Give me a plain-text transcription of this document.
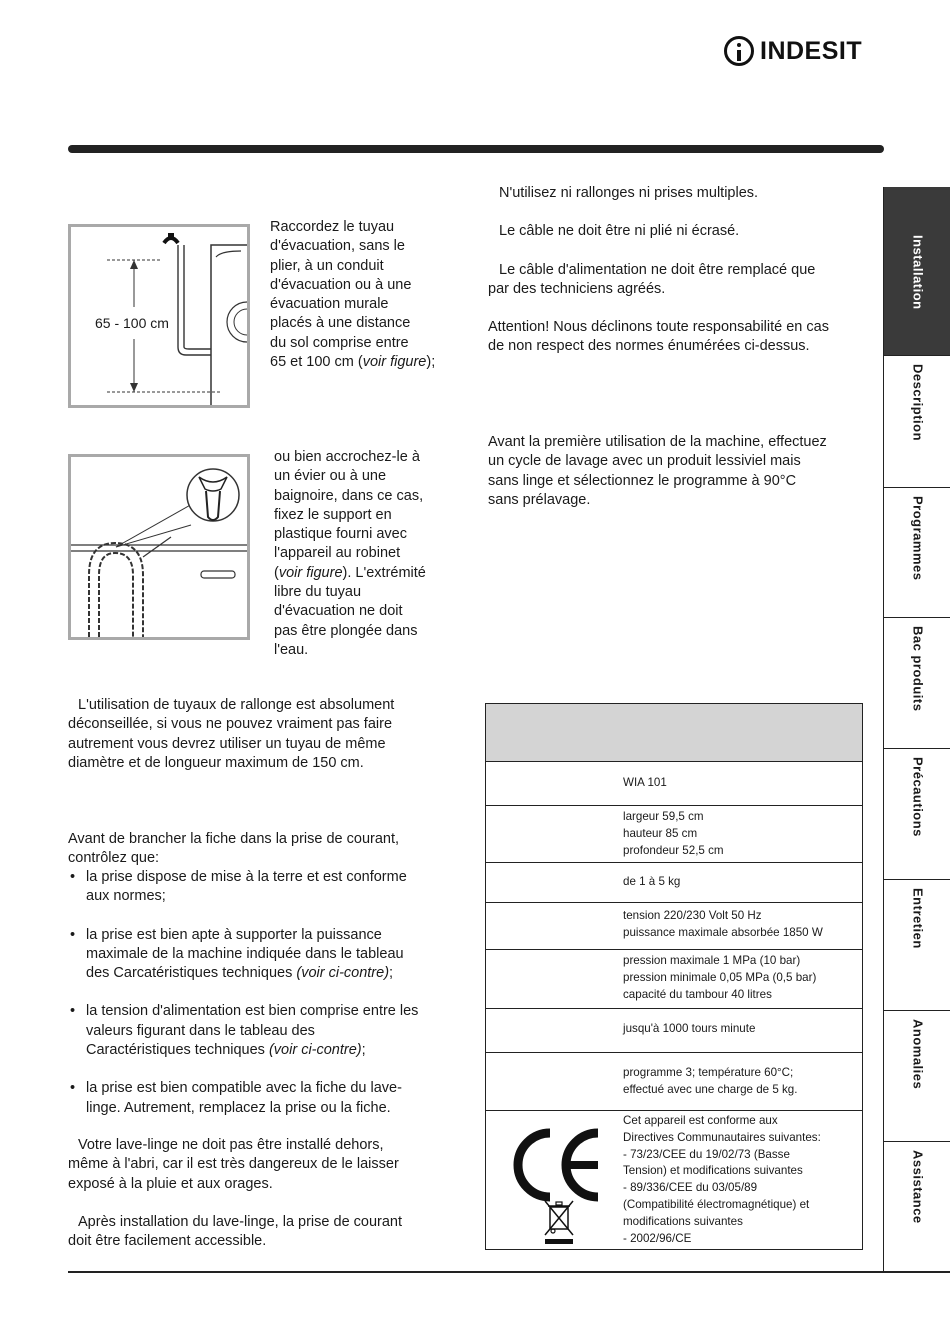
INDESIT
65 - 100 cm
Raccordez le tuyau
d'évacuation, sans le
plier, à un conduit
d'évacuation ou à une
évacuation murale
placés à une distance
du sol comprise entre
65 et 100 cm (voir figure);
ou bien accrochez-le à
un évier ou à une
baignoire, dans ce cas,
fixez le support en
plastique fourni avec
l'appareil au robinet
(voir figure). L'extrémité
libre du tuyau
d'évacuation ne doit
pas être plongée dans
l'eau.
L'utilisation de tuyaux de rallonge est absolument
déconseillée, si vous ne pouvez vraiment pas faire
autrement vous devrez utiliser un tuyau de même
diamètre et de longueur maximum de 150 cm.
Avant de brancher la fiche dans la prise de courant,
contrôlez que:
• la prise dispose de mise à la terre et est conforme
aux normes;
• la prise est bien apte à supporter la puissance
maximale de la machine indiquée dans le tableau
des Carcatéristiques techniques (voir ci-contre);
• la tension d'alimentation est bien comprise entre les
valeurs figurant dans le tableau des
Caractéristiques techniques (voir ci-contre);
• la prise est bien compatible avec la fiche du lave-
linge. Autrement, remplacez la prise ou la fiche.
Votre lave-linge ne doit pas être installé dehors,
même à l'abri, car il est très dangereux de le laisser
exposé à la pluie et aux orages.
Après installation du lave-linge, la prise de courant
doit être facilement accessible.
N'utilisez ni rallonges ni prises multiples.
Le câble ne doit être ni plié ni écrasé.
Le câble d'alimentation ne doit être remplacé que
par des techniciens agréés.
Attention! Nous déclinons toute responsabilité en cas
de non respect des normes énumérées ci-dessus.
Avant la première utilisation de la machine, effectuez
un cycle de lavage avec un produit lessiviel mais
sans linge et sélectionnez le programme à 90°C
sans prélavage.
WIA 101
largeur 59,5 cm
hauteur 85 cm
profondeur 52,5 cm
de 1 à 5 kg
tension 220/230 Volt 50 Hz
puissance maximale absorbée 1850 W
pression maximale 1 MPa (10 bar)
pression minimale 0,05 MPa (0,5 bar)
capacité du tambour 40 litres
jusqu'à 1000 tours minute
programme 3; température 60°C;
effectué avec une charge de 5 kg.
Cet appareil est conforme aux
Directives Communautaires suivantes:
- 73/23/CEE du 19/02/73 (Basse
Tension) et modifications suivantes
- 89/336/CEE du 03/05/89
(Compatibilité électromagnétique) et
modifications suivantes
- 2002/96/CE
Installation
Description
Programmes
Bac produits
Précautions
Entretien
Anomalies
Assistance
